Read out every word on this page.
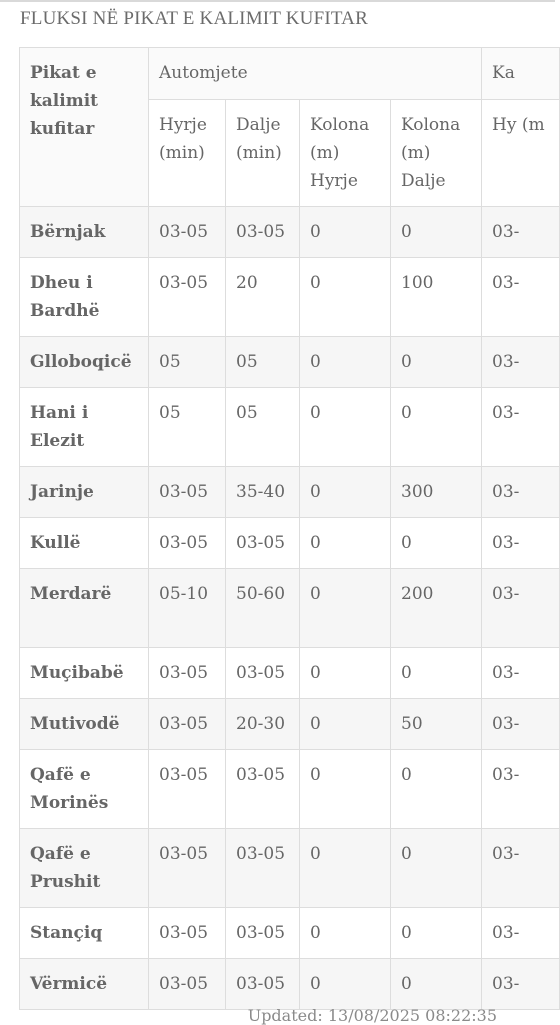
FLUKSI NË PIKAT E KALIMIT KUFITAR
Pikat e kalimit kufitar	Automjete				Ka
	Hyrje (min)	Dalje (min)	Kolona (m) Hyrje	Kolona (m) Dalje	Hy (m
Bërnjak	03-05	03-05	0	0	03-
Dheu i Bardhë	03-05	20	0	100	03-
Glloboqicë	05	05	0	0	03-
Hani i Elezit	05	05	0	0	03-
Jarinje	03-05	35-40	0	300	03-
Kullë	03-05	03-05	0	0	03-
Merdarë	05-10	50-60	0	200	03-
Muçibabë	03-05	03-05	0	0	03-
Mutivodë	03-05	20-30	0	50	03-
Qafë e Morinës	03-05	03-05	0	0	03-
Qafë e Prushit	03-05	03-05	0	0	03-
Stançiq	03-05	03-05	0	0	03-
Vërmicë	03-05	03-05	0	0	03-
Updated: 13/08/2025 08:22:35
